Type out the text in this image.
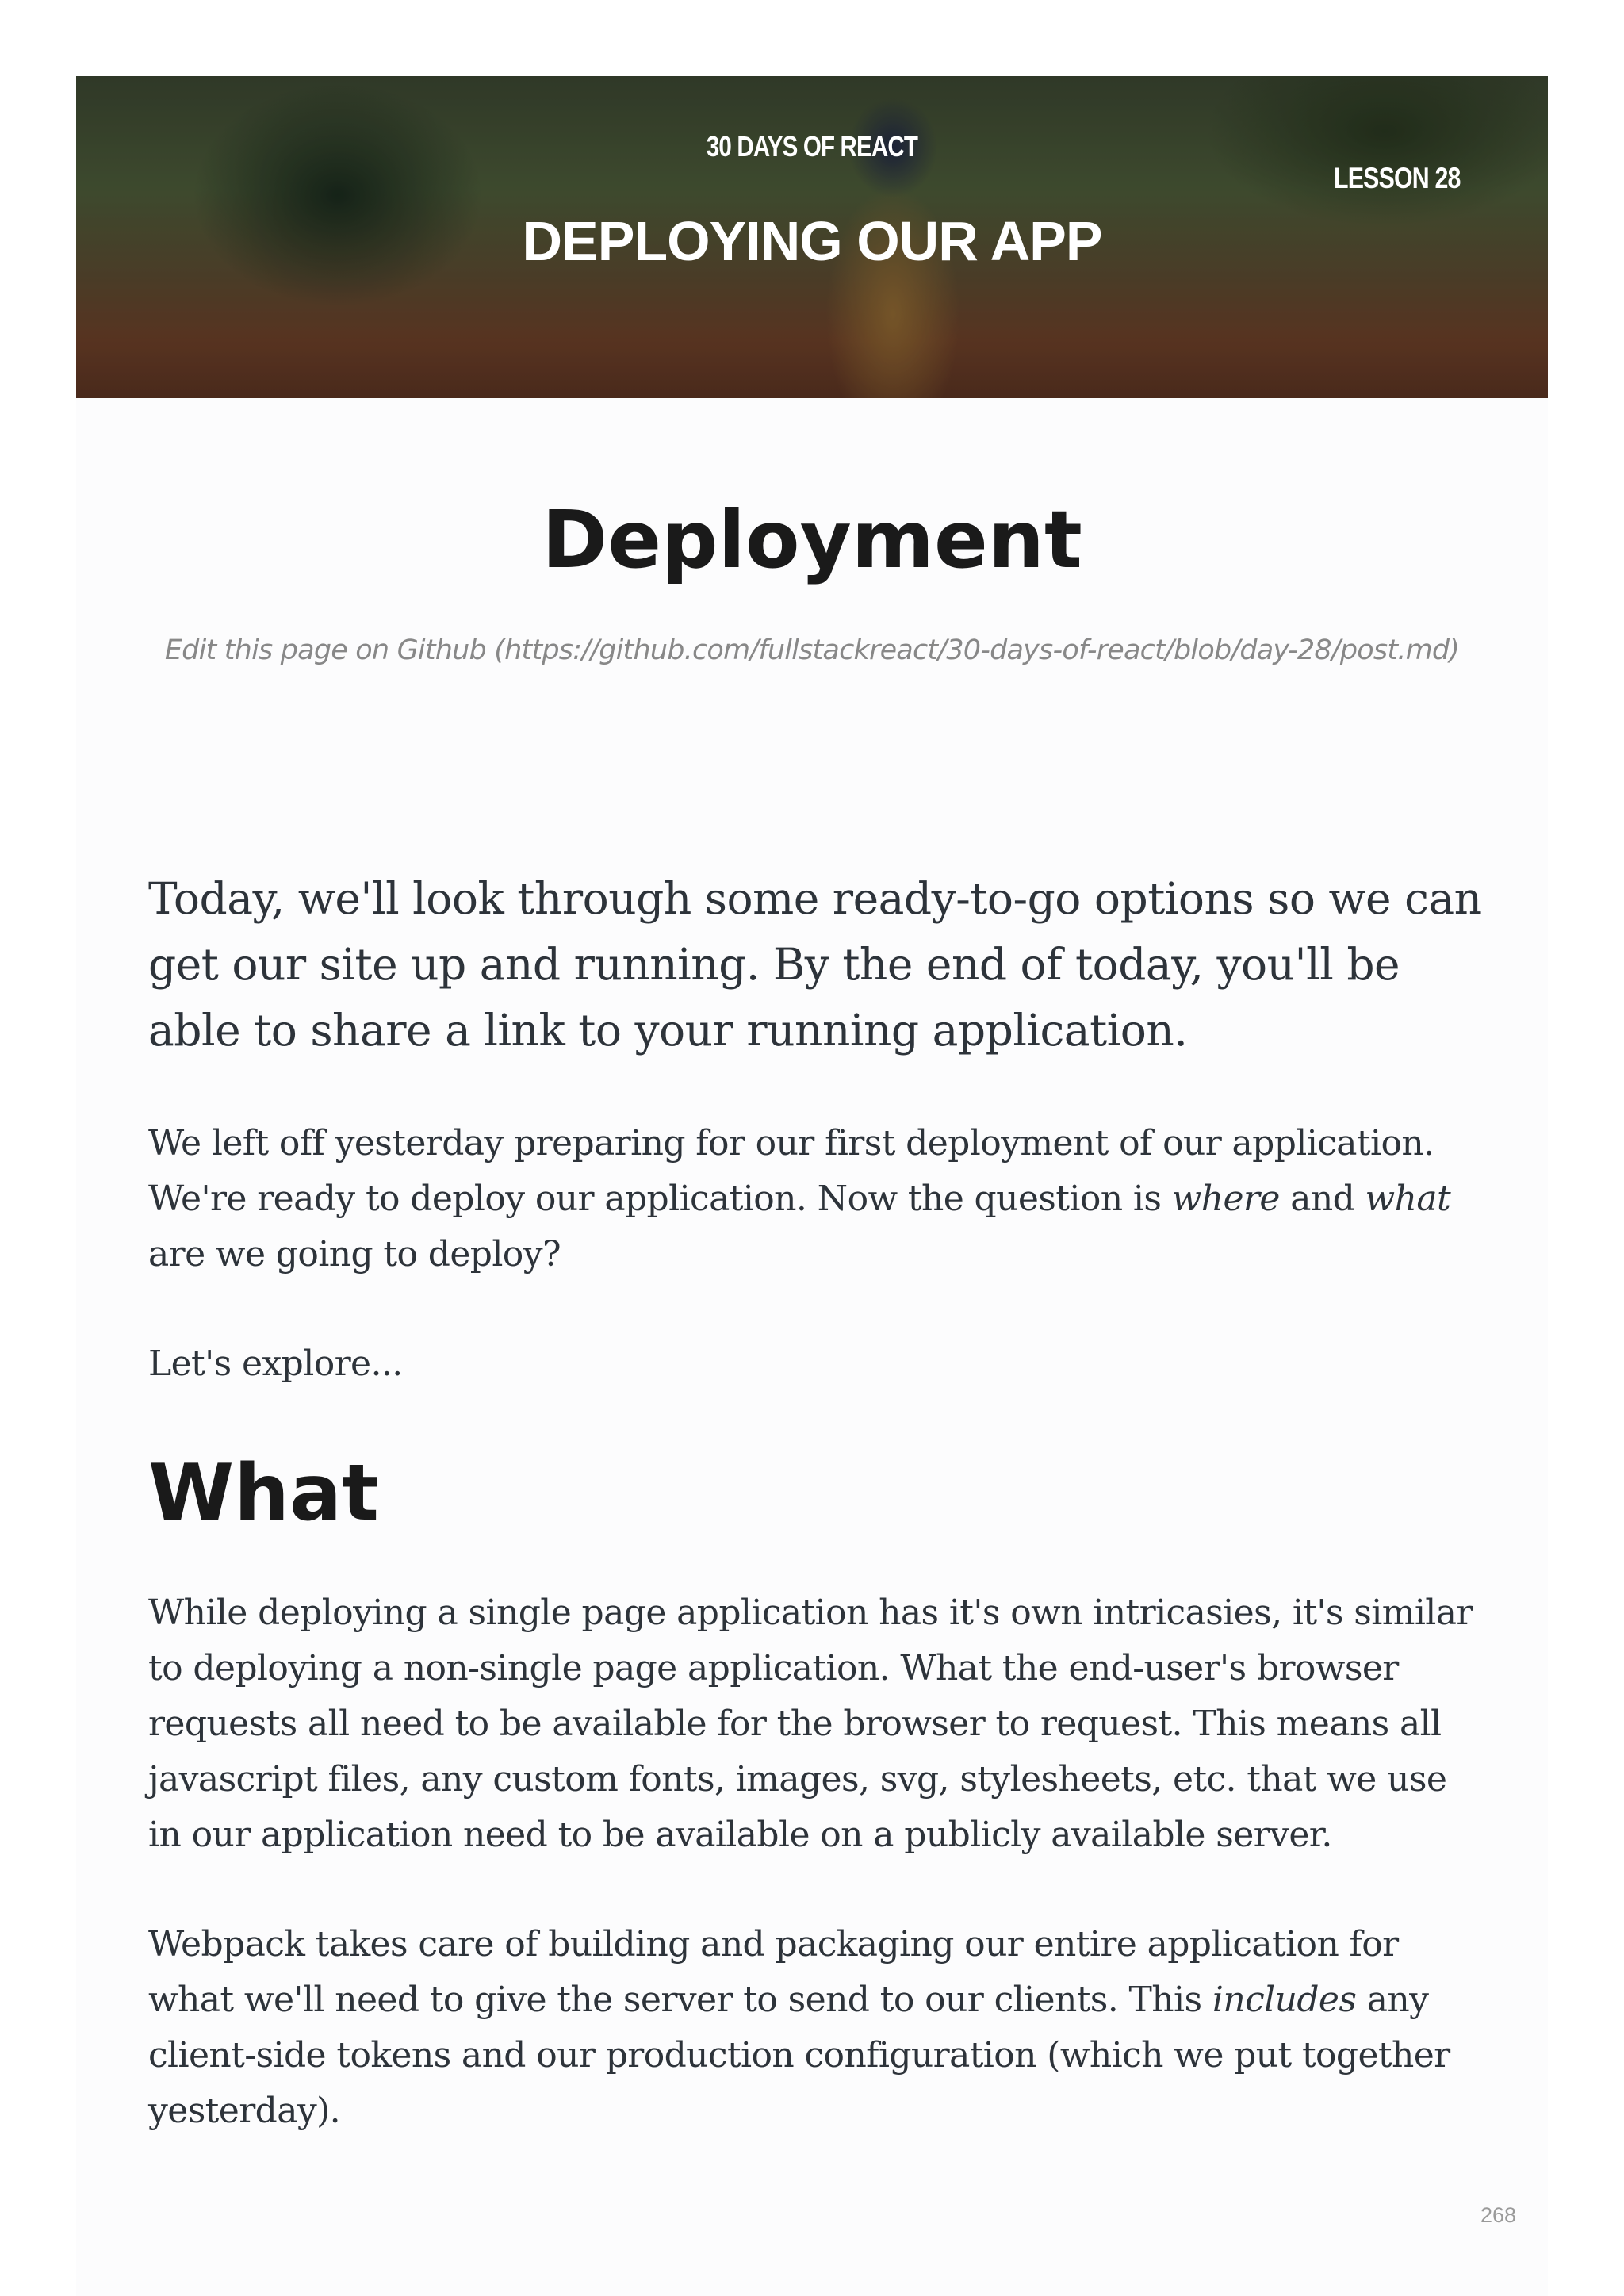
30 DAYS OF REACT
LESSON 28
DEPLOYING OUR APP
Deployment
Edit this page on Github (https://github.com/fullstackreact/30-days-of-react/blob/day-28/post.md)

Today, we'll look through some ready-to-go options so we can get our site up and running. By the end of today, you'll be able to share a link to your running application.

We left off yesterday preparing for our first deployment of our application. We're ready to deploy our application. Now the question is where and what are we going to deploy?

Let's explore...

What

While deploying a single page application has it's own intricasies, it's similar to deploying a non-single page application. What the end-user's browser requests all need to be available for the browser to request. This means all javascript files, any custom fonts, images, svg, stylesheets, etc. that we use in our application need to be available on a publicly available server.

Webpack takes care of building and packaging our entire application for what we'll need to give the server to send to our clients. This includes any client-side tokens and our production configuration (which we put together yesterday).

268
